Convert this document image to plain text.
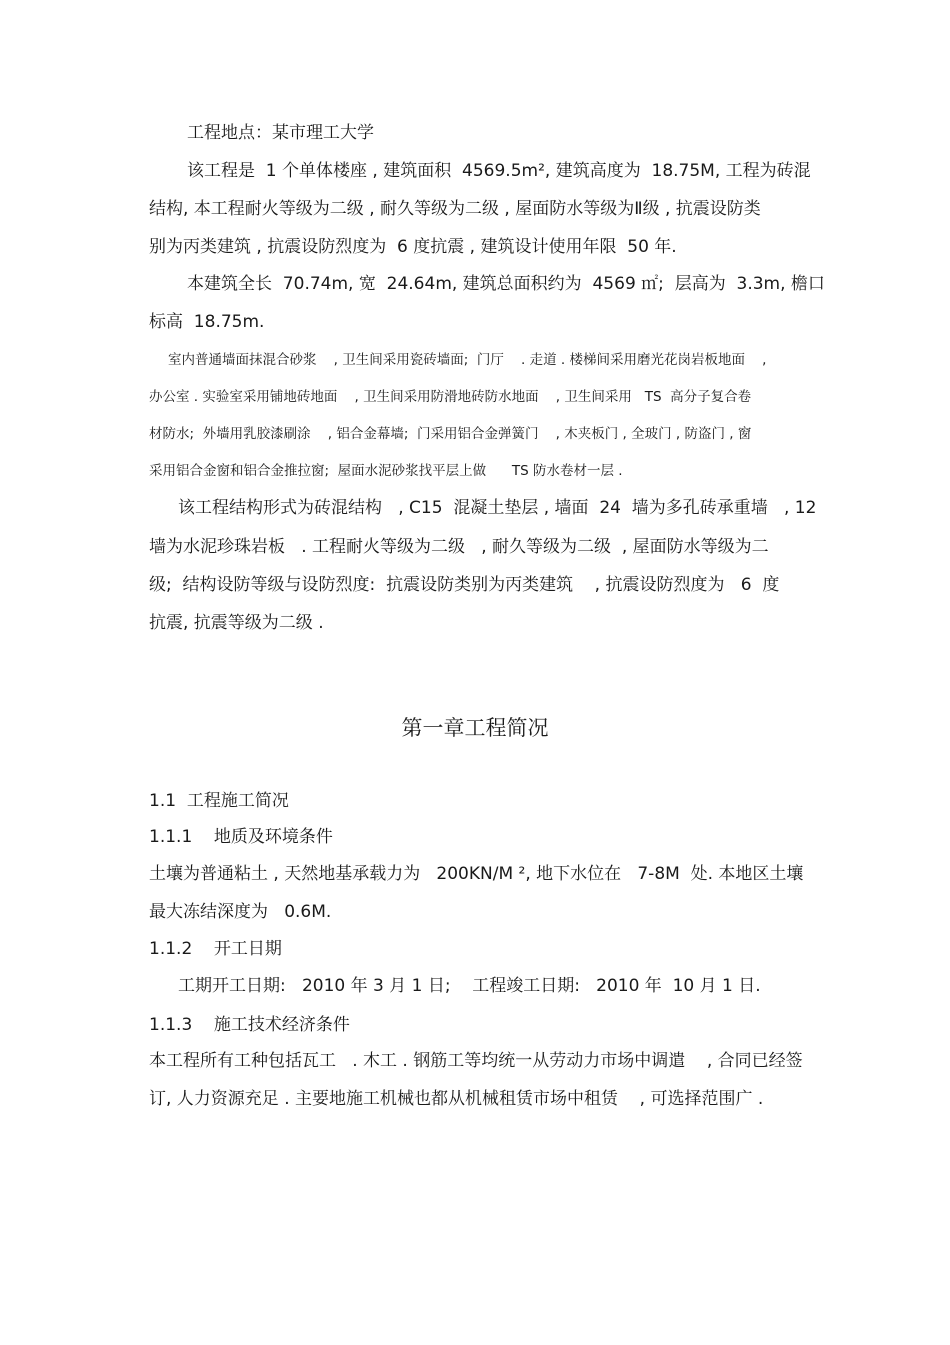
工程地点：某市理工大学
该工程是  1 个单体楼座 , 建筑面积  4569.5m², 建筑高度为  18.75M, 工程为砖混
结构, 本工程耐火等级为二级 , 耐久等级为二级 , 屋面防水等级为Ⅱ级 , 抗震设防类
别为丙类建筑 , 抗震设防烈度为  6 度抗震 , 建筑设计使用年限  50 年.
本建筑全长  70.74m, 宽  24.64m, 建筑总面积约为  4569 ㎡;  层高为  3.3m, 檐口
标高  18.75m.
室内普通墙面抹混合砂浆    , 卫生间采用瓷砖墙面;  门厅    . 走道 . 楼梯间采用磨光花岗岩板地面    ,
办公室 . 实验室采用铺地砖地面    , 卫生间采用防滑地砖防水地面    , 卫生间采用   TS  高分子复合卷
材防水;  外墙用乳胶漆刷涂    , 铝合金幕墙;  门采用铝合金弹簧门    , 木夹板门 , 全玻门 , 防盗门 , 窗
采用铝合金窗和铝合金推拉窗;  屋面水泥砂浆找平层上做      TS 防水卷材一层 .
该工程结构形式为砖混结构   , C15  混凝土垫层 , 墙面  24  墙为多孔砖承重墙   , 12
墙为水泥珍珠岩板   . 工程耐火等级为二级   , 耐久等级为二级  , 屋面防水等级为二
级;  结构设防等级与设防烈度:  抗震设防类别为丙类建筑    , 抗震设防烈度为   6  度
抗震, 抗震等级为二级 .
第一章工程简况
1.1  工程施工简况
1.1.1    地质及环境条件
土壤为普通粘土 , 天然地基承载力为   200KN/M ², 地下水位在   7-8M  处. 本地区土壤
最大冻结深度为   0.6M.
1.1.2    开工日期
工期开工日期:   2010 年 3 月 1 日;    工程竣工日期:   2010 年  10 月 1 日.
1.1.3    施工技术经济条件
本工程所有工种包括瓦工   . 木工 . 钢筋工等均统一从劳动力市场中调遣    , 合同已经签
订, 人力资源充足 . 主要地施工机械也都从机械租赁市场中租赁    , 可选择范围广 .
